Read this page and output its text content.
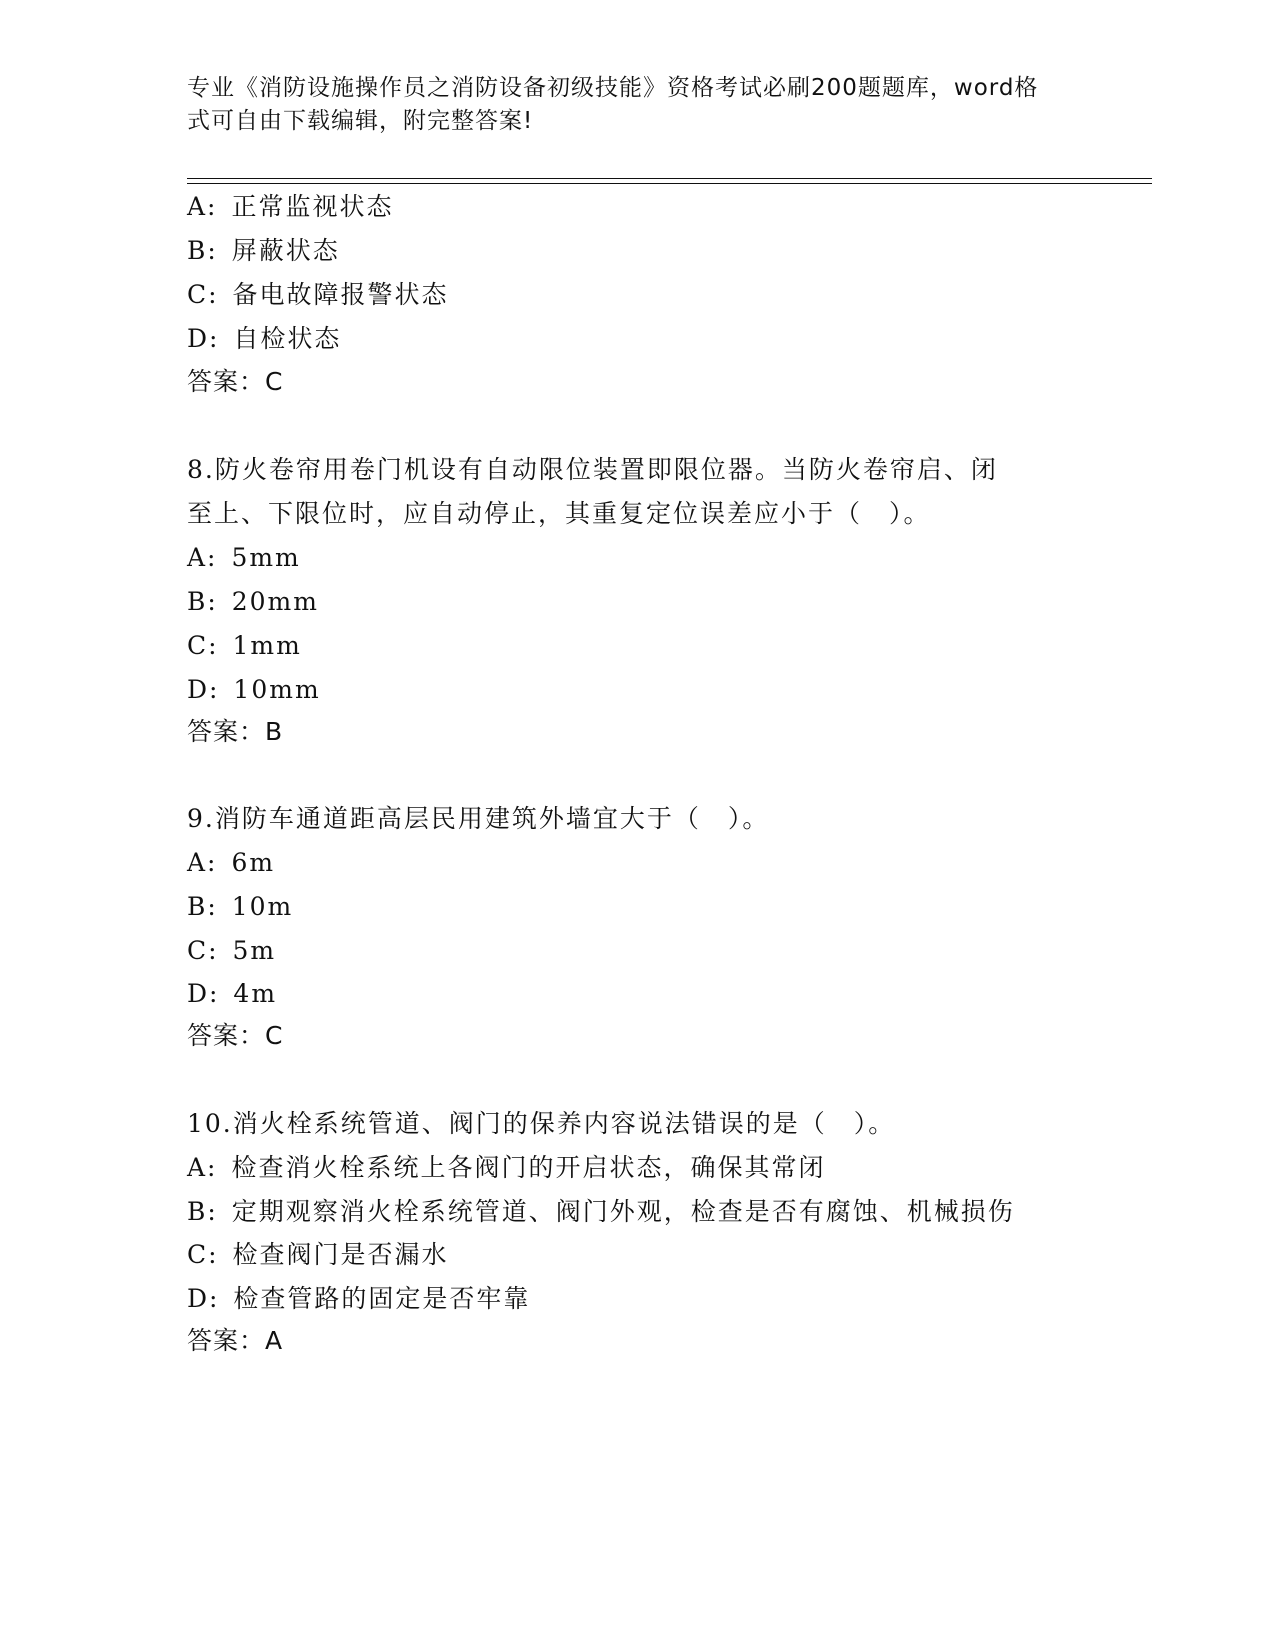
专业《消防设施操作员之消防设备初级技能》资格考试必刷200题题库，word格
式可自由下载编辑，附完整答案!
A: 正常监视状态
B: 屏蔽状态
C: 备电故障报警状态
D: 自检状态
答案：C
8.防火卷帘用卷门机设有自动限位装置即限位器。当防火卷帘启、闭
至上、下限位时，应自动停止，其重复定位误差应小于（　）。
A: 5mm
B: 20mm
C: 1mm
D: 10mm
答案：B
9.消防车通道距高层民用建筑外墙宜大于（　）。
A: 6m
B: 10m
C: 5m
D: 4m
答案：C
10.消火栓系统管道、阀门的保养内容说法错误的是（　）。
A: 检查消火栓系统上各阀门的开启状态，确保其常闭
B: 定期观察消火栓系统管道、阀门外观，检查是否有腐蚀、机械损伤
C: 检查阀门是否漏水
D: 检查管路的固定是否牢靠
答案：A
